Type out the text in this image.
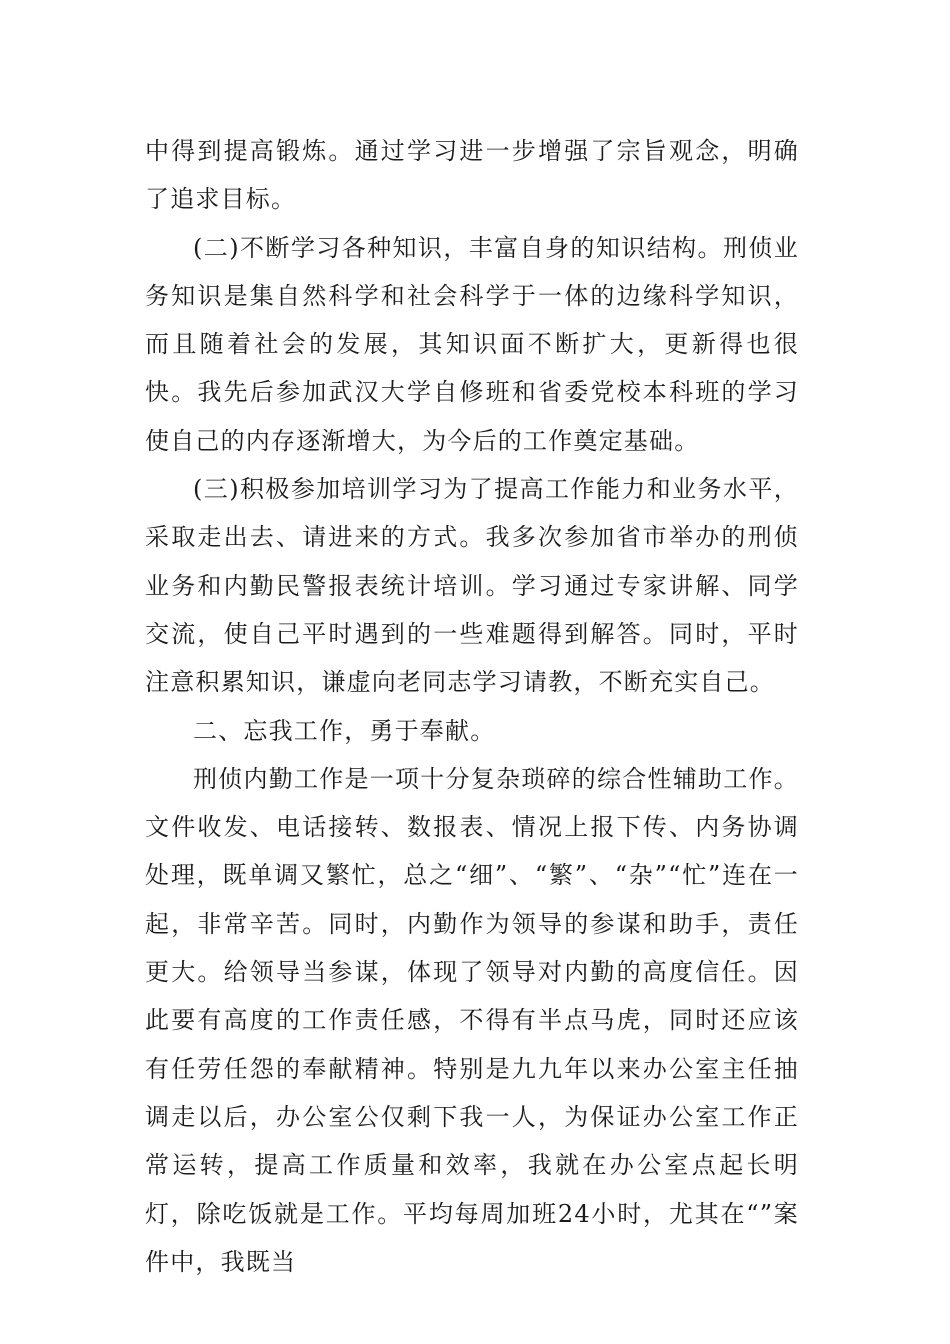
中得到提高锻炼。通过学习进一步增强了宗旨观念，明确了追求目标。

(二)不断学习各种知识，丰富自身的知识结构。刑侦业务知识是集自然科学和社会科学于一体的边缘科学知识，而且随着社会的发展，其知识面不断扩大，更新得也很快。我先后参加武汉大学自修班和省委党校本科班的学习使自己的内存逐渐增大，为今后的工作奠定基础。

(三)积极参加培训学习为了提高工作能力和业务水平，采取走出去、请进来的方式。我多次参加省市举办的刑侦业务和内勤民警报表统计培训。学习通过专家讲解、同学交流，使自己平时遇到的一些难题得到解答。同时，平时注意积累知识，谦虚向老同志学习请教，不断充实自己。

二、忘我工作，勇于奉献。

刑侦内勤工作是一项十分复杂琐碎的综合性辅助工作。文件收发、电话接转、数报表、情况上报下传、内务协调处理，既单调又繁忙，总之“细”、“繁”、“杂”“忙”连在一起，非常辛苦。同时，内勤作为领导的参谋和助手，责任更大。给领导当参谋，体现了领导对内勤的高度信任。因此要有高度的工作责任感，不得有半点马虎，同时还应该有任劳任怨的奉献精神。特别是九九年以来办公室主任抽调走以后，办公室公仅剩下我一人，为保证办公室工作正常运转，提高工作质量和效率，我就在办公室点起长明灯，除吃饭就是工作。平均每周加班24小时，尤其在“”案件中，我既当
